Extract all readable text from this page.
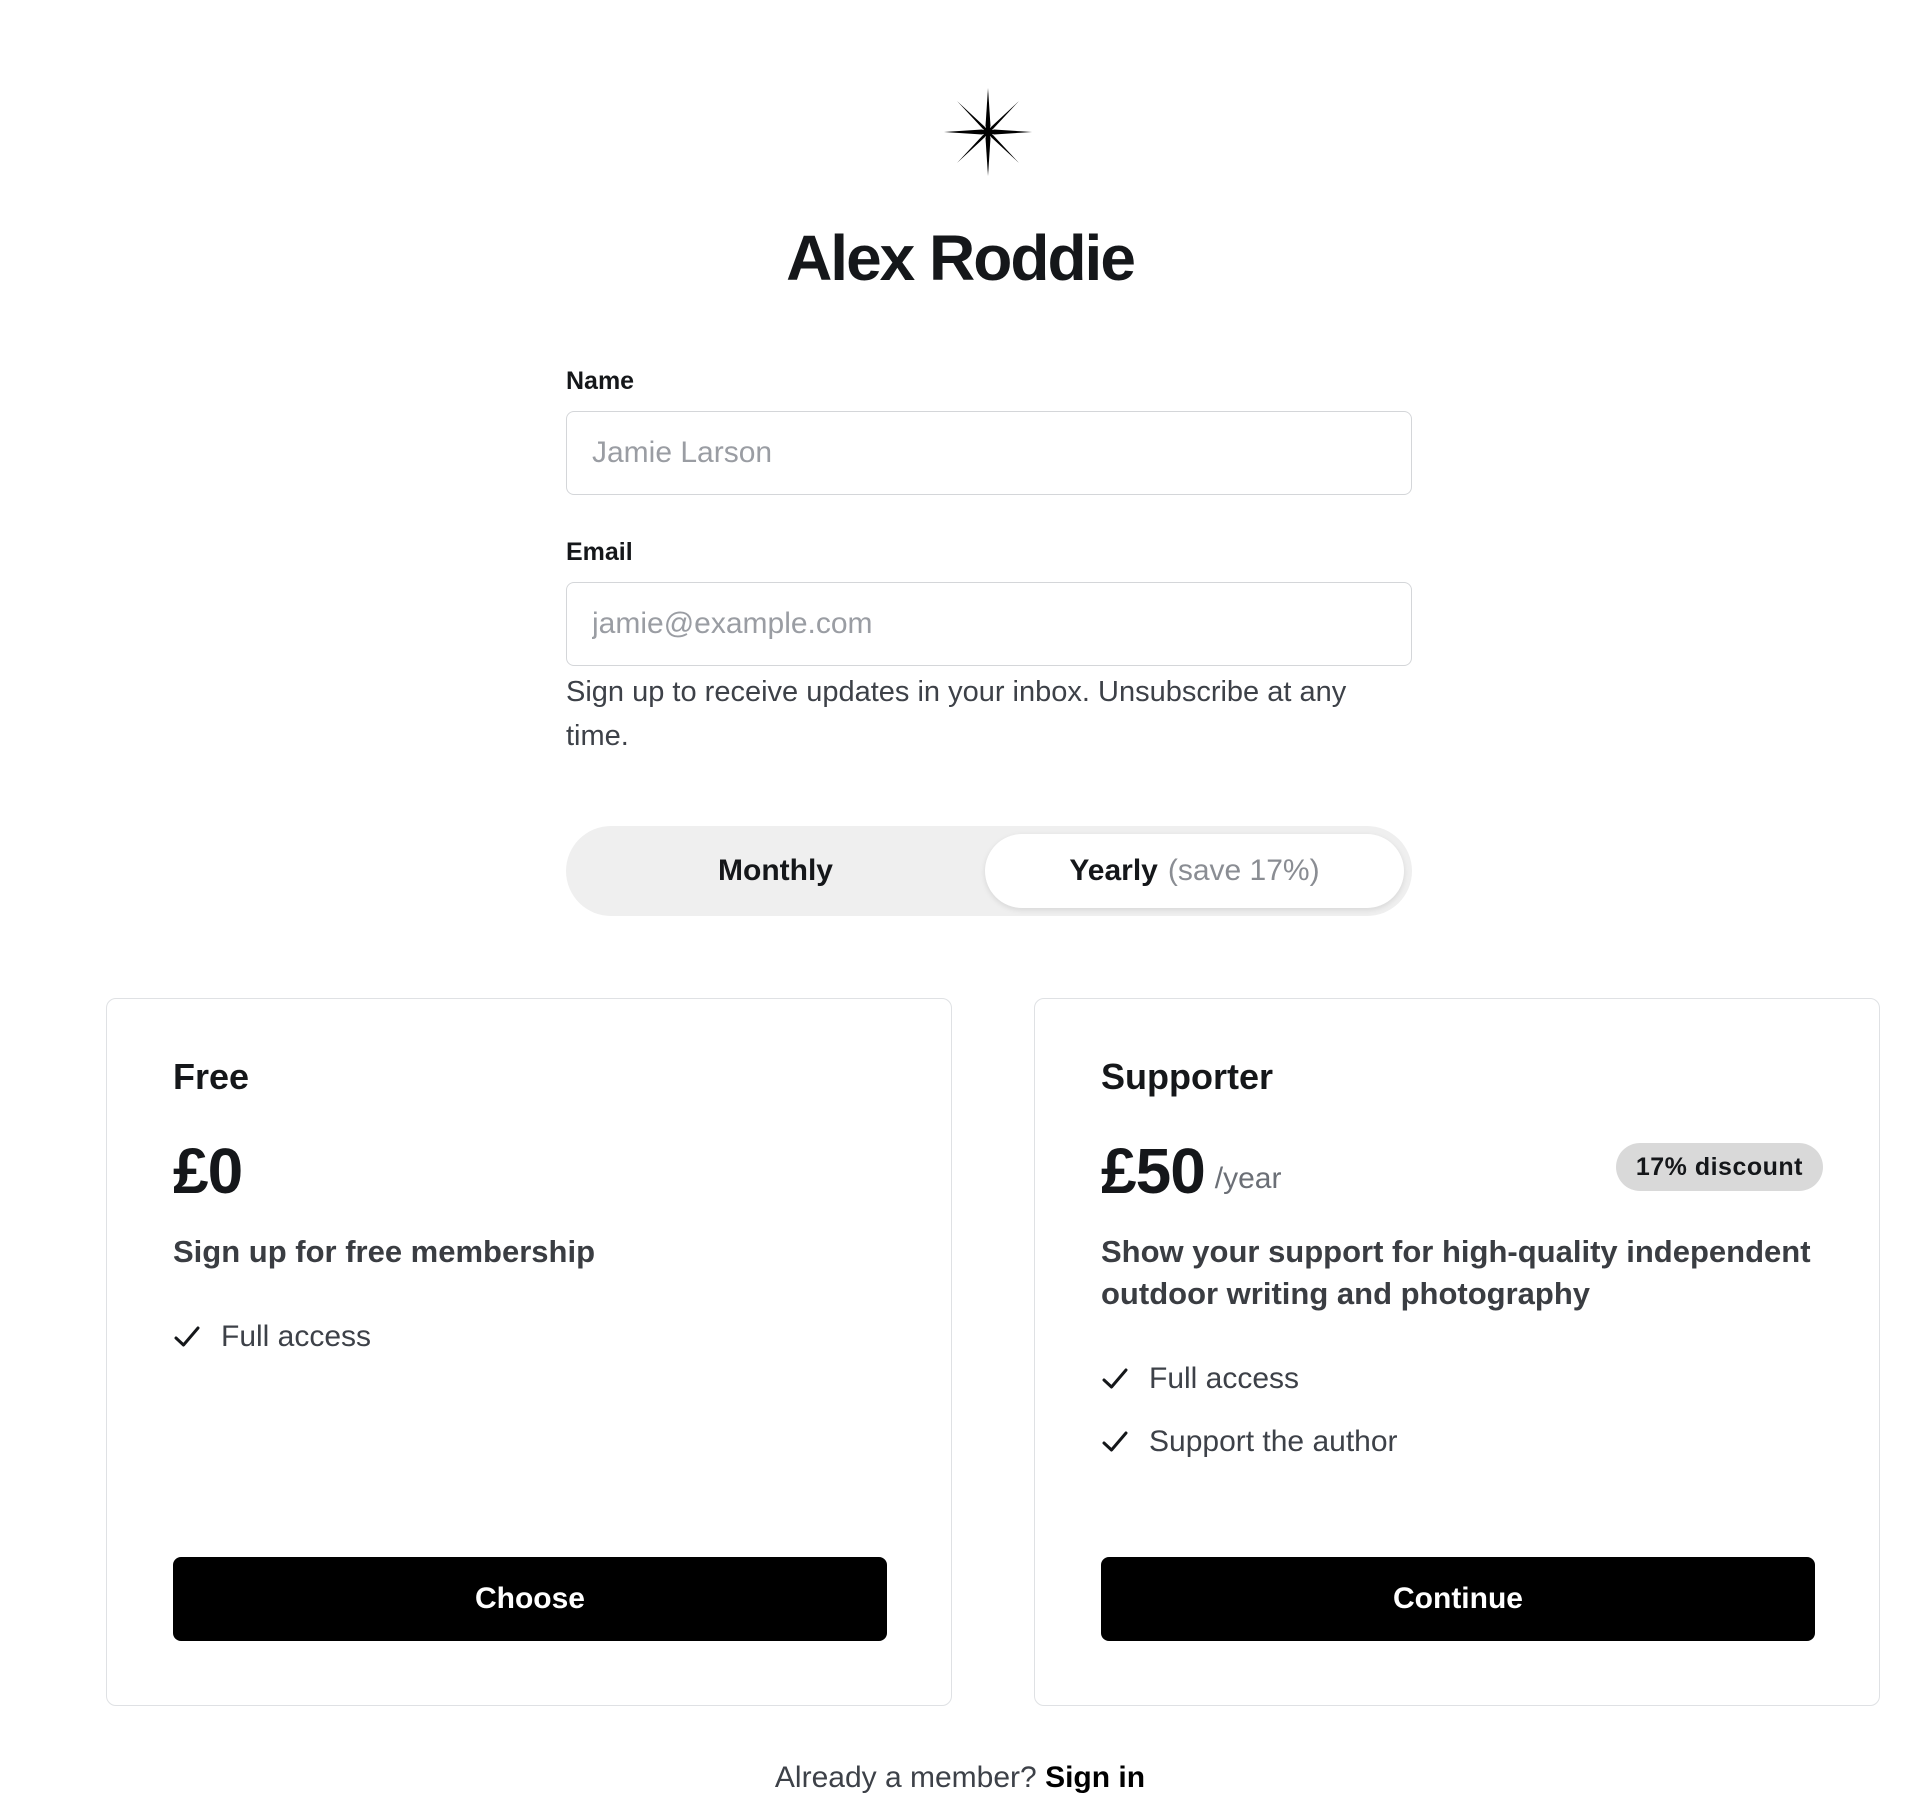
Alex Roddie
Name
Jamie Larson
Email
jamie@example.com

Sign up to receive updates in your inbox. Unsubscribe at any time.

Monthly	Yearly (save 17%)
Free
£0

Sign up for free membership

Full access
Choose
Supporter
£50 /year	17% discount

Show your support for high-quality independent outdoor writing and photography

Full access
Support the author
Continue
Already a member? Sign in
